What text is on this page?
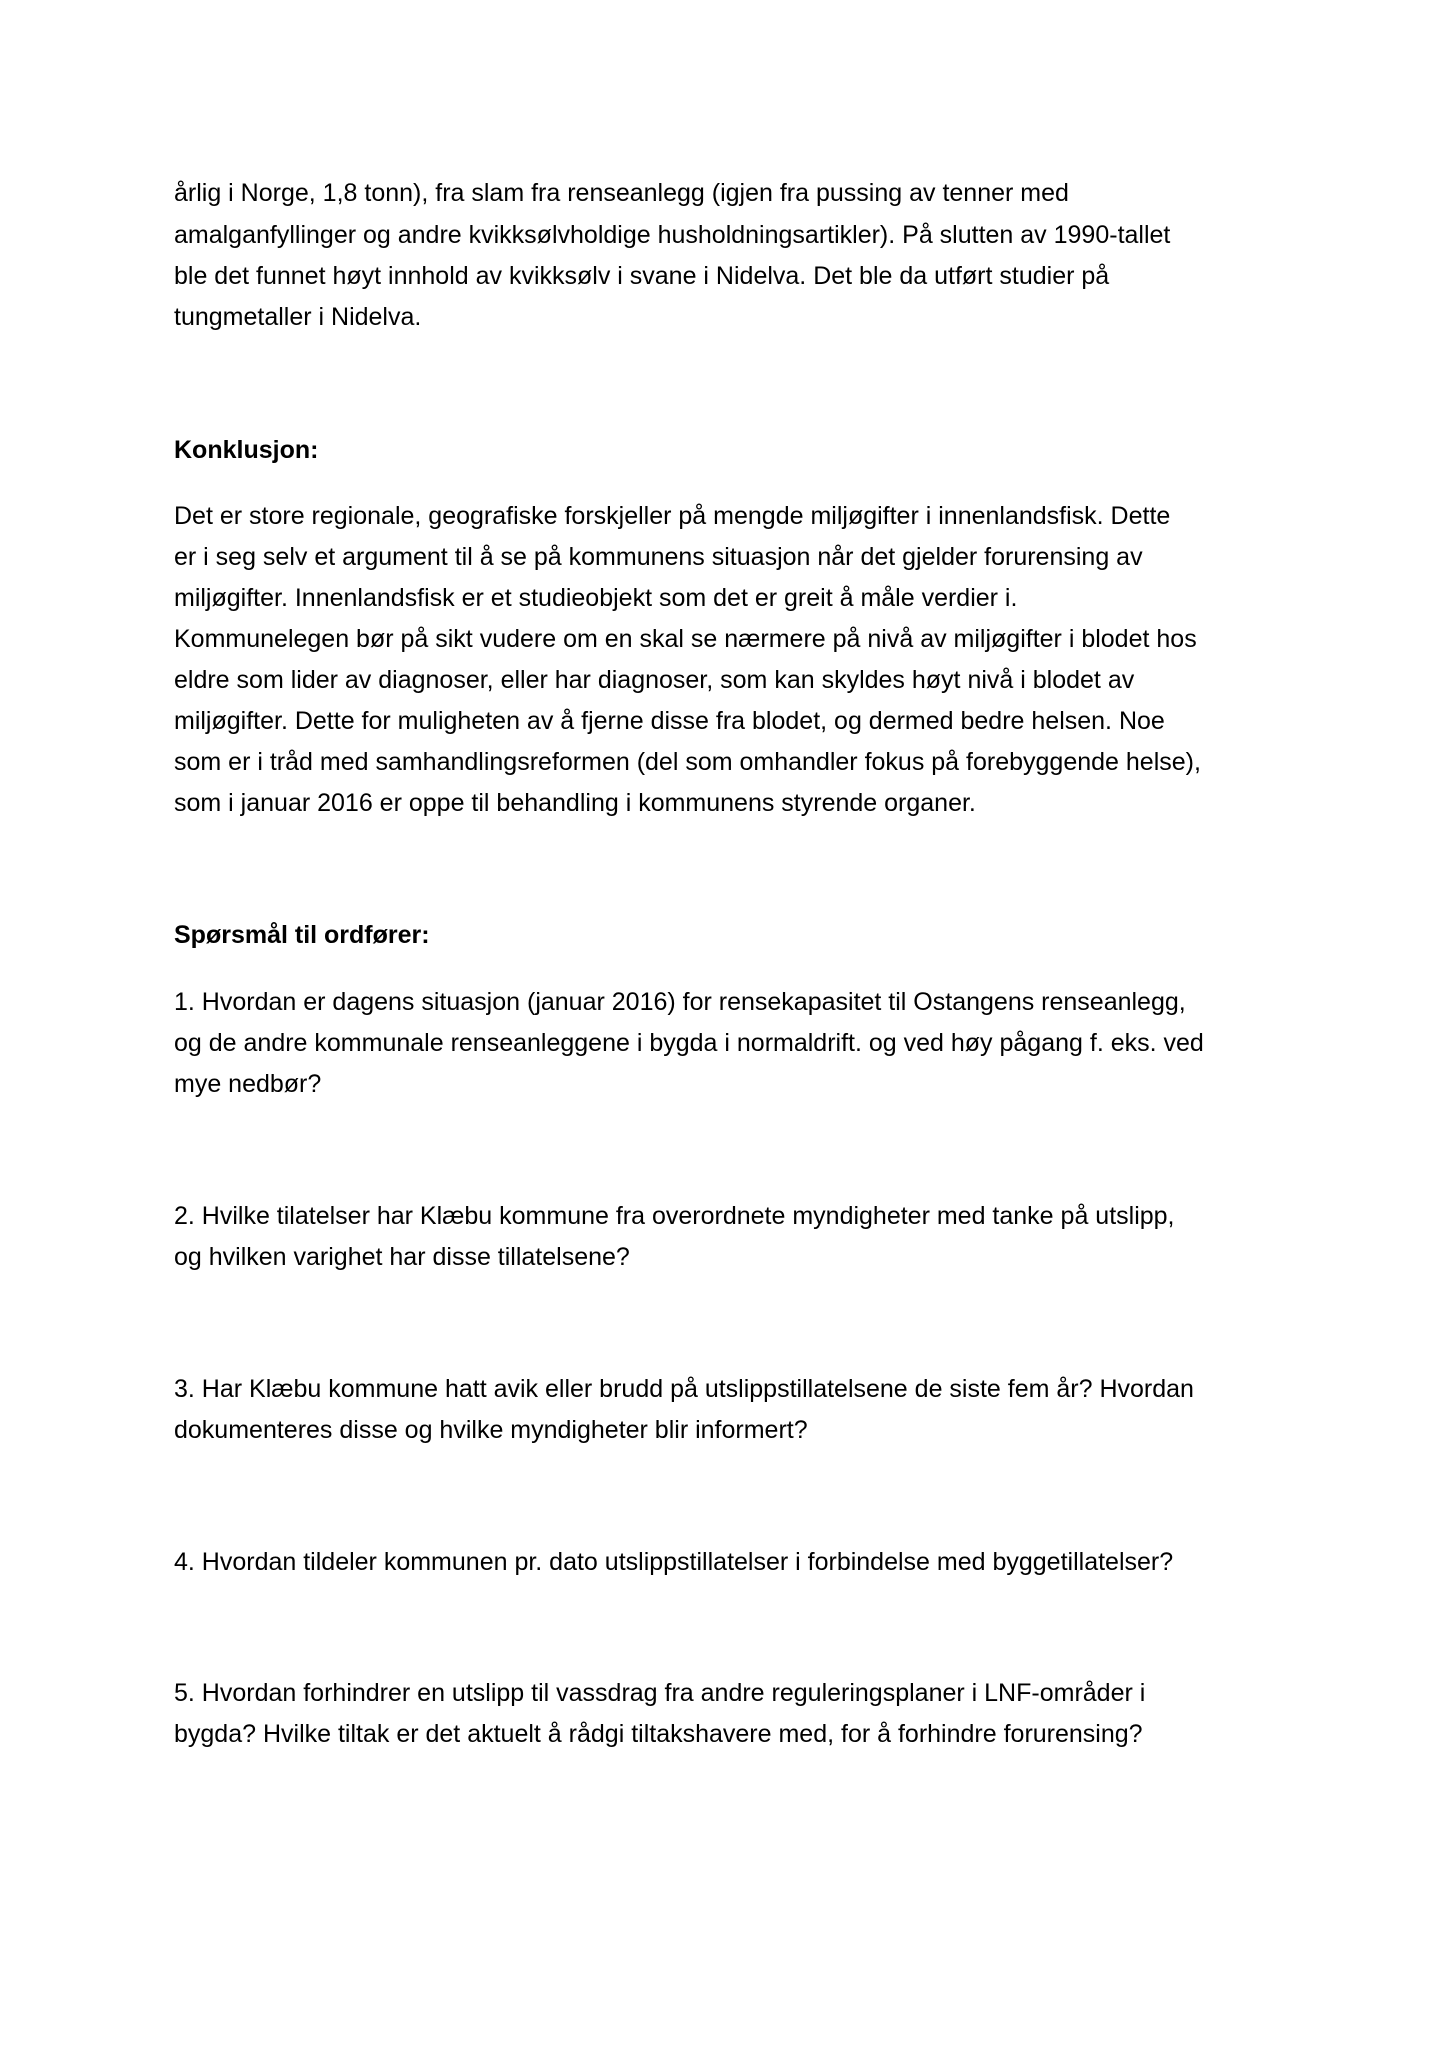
årlig i Norge, 1,8 tonn), fra slam fra renseanlegg (igjen fra pussing av tenner med
amalganfyllinger og andre kvikksølvholdige husholdningsartikler). På slutten av 1990-tallet
ble det funnet høyt innhold av kvikksølv i svane i Nidelva. Det ble da utført studier på
tungmetaller i Nidelva.
Konklusjon:
Det er store regionale, geografiske forskjeller på mengde miljøgifter i innenlandsfisk. Dette
er i seg selv et argument til å se på kommunens situasjon når det gjelder forurensing av
miljøgifter. Innenlandsfisk er et studieobjekt som det er greit å måle verdier i.
Kommunelegen bør på sikt vudere om en skal se nærmere på nivå av miljøgifter i blodet hos
eldre som lider av diagnoser, eller har diagnoser, som kan skyldes høyt nivå i blodet av
miljøgifter. Dette for muligheten av å fjerne disse fra blodet, og dermed bedre helsen. Noe
som er i tråd med samhandlingsreformen (del som omhandler fokus på forebyggende helse),
som i januar 2016 er oppe til behandling i kommunens styrende organer.
Spørsmål til ordfører:
1. Hvordan er dagens situasjon (januar 2016) for rensekapasitet til Ostangens renseanlegg,
og de andre kommunale renseanleggene i bygda i normaldrift. og ved høy pågang f. eks. ved
mye nedbør?
2. Hvilke tilatelser har Klæbu kommune fra overordnete myndigheter med tanke på utslipp,
og hvilken varighet har disse tillatelsene?
3. Har Klæbu kommune hatt avik eller brudd på utslippstillatelsene de siste fem år? Hvordan
dokumenteres disse og hvilke myndigheter blir informert?
4. Hvordan tildeler kommunen pr. dato utslippstillatelser i forbindelse med byggetillatelser?
5. Hvordan forhindrer en utslipp til vassdrag fra andre reguleringsplaner i LNF-områder i
bygda? Hvilke tiltak er det aktuelt å rådgi tiltakshavere med, for å forhindre forurensing?
